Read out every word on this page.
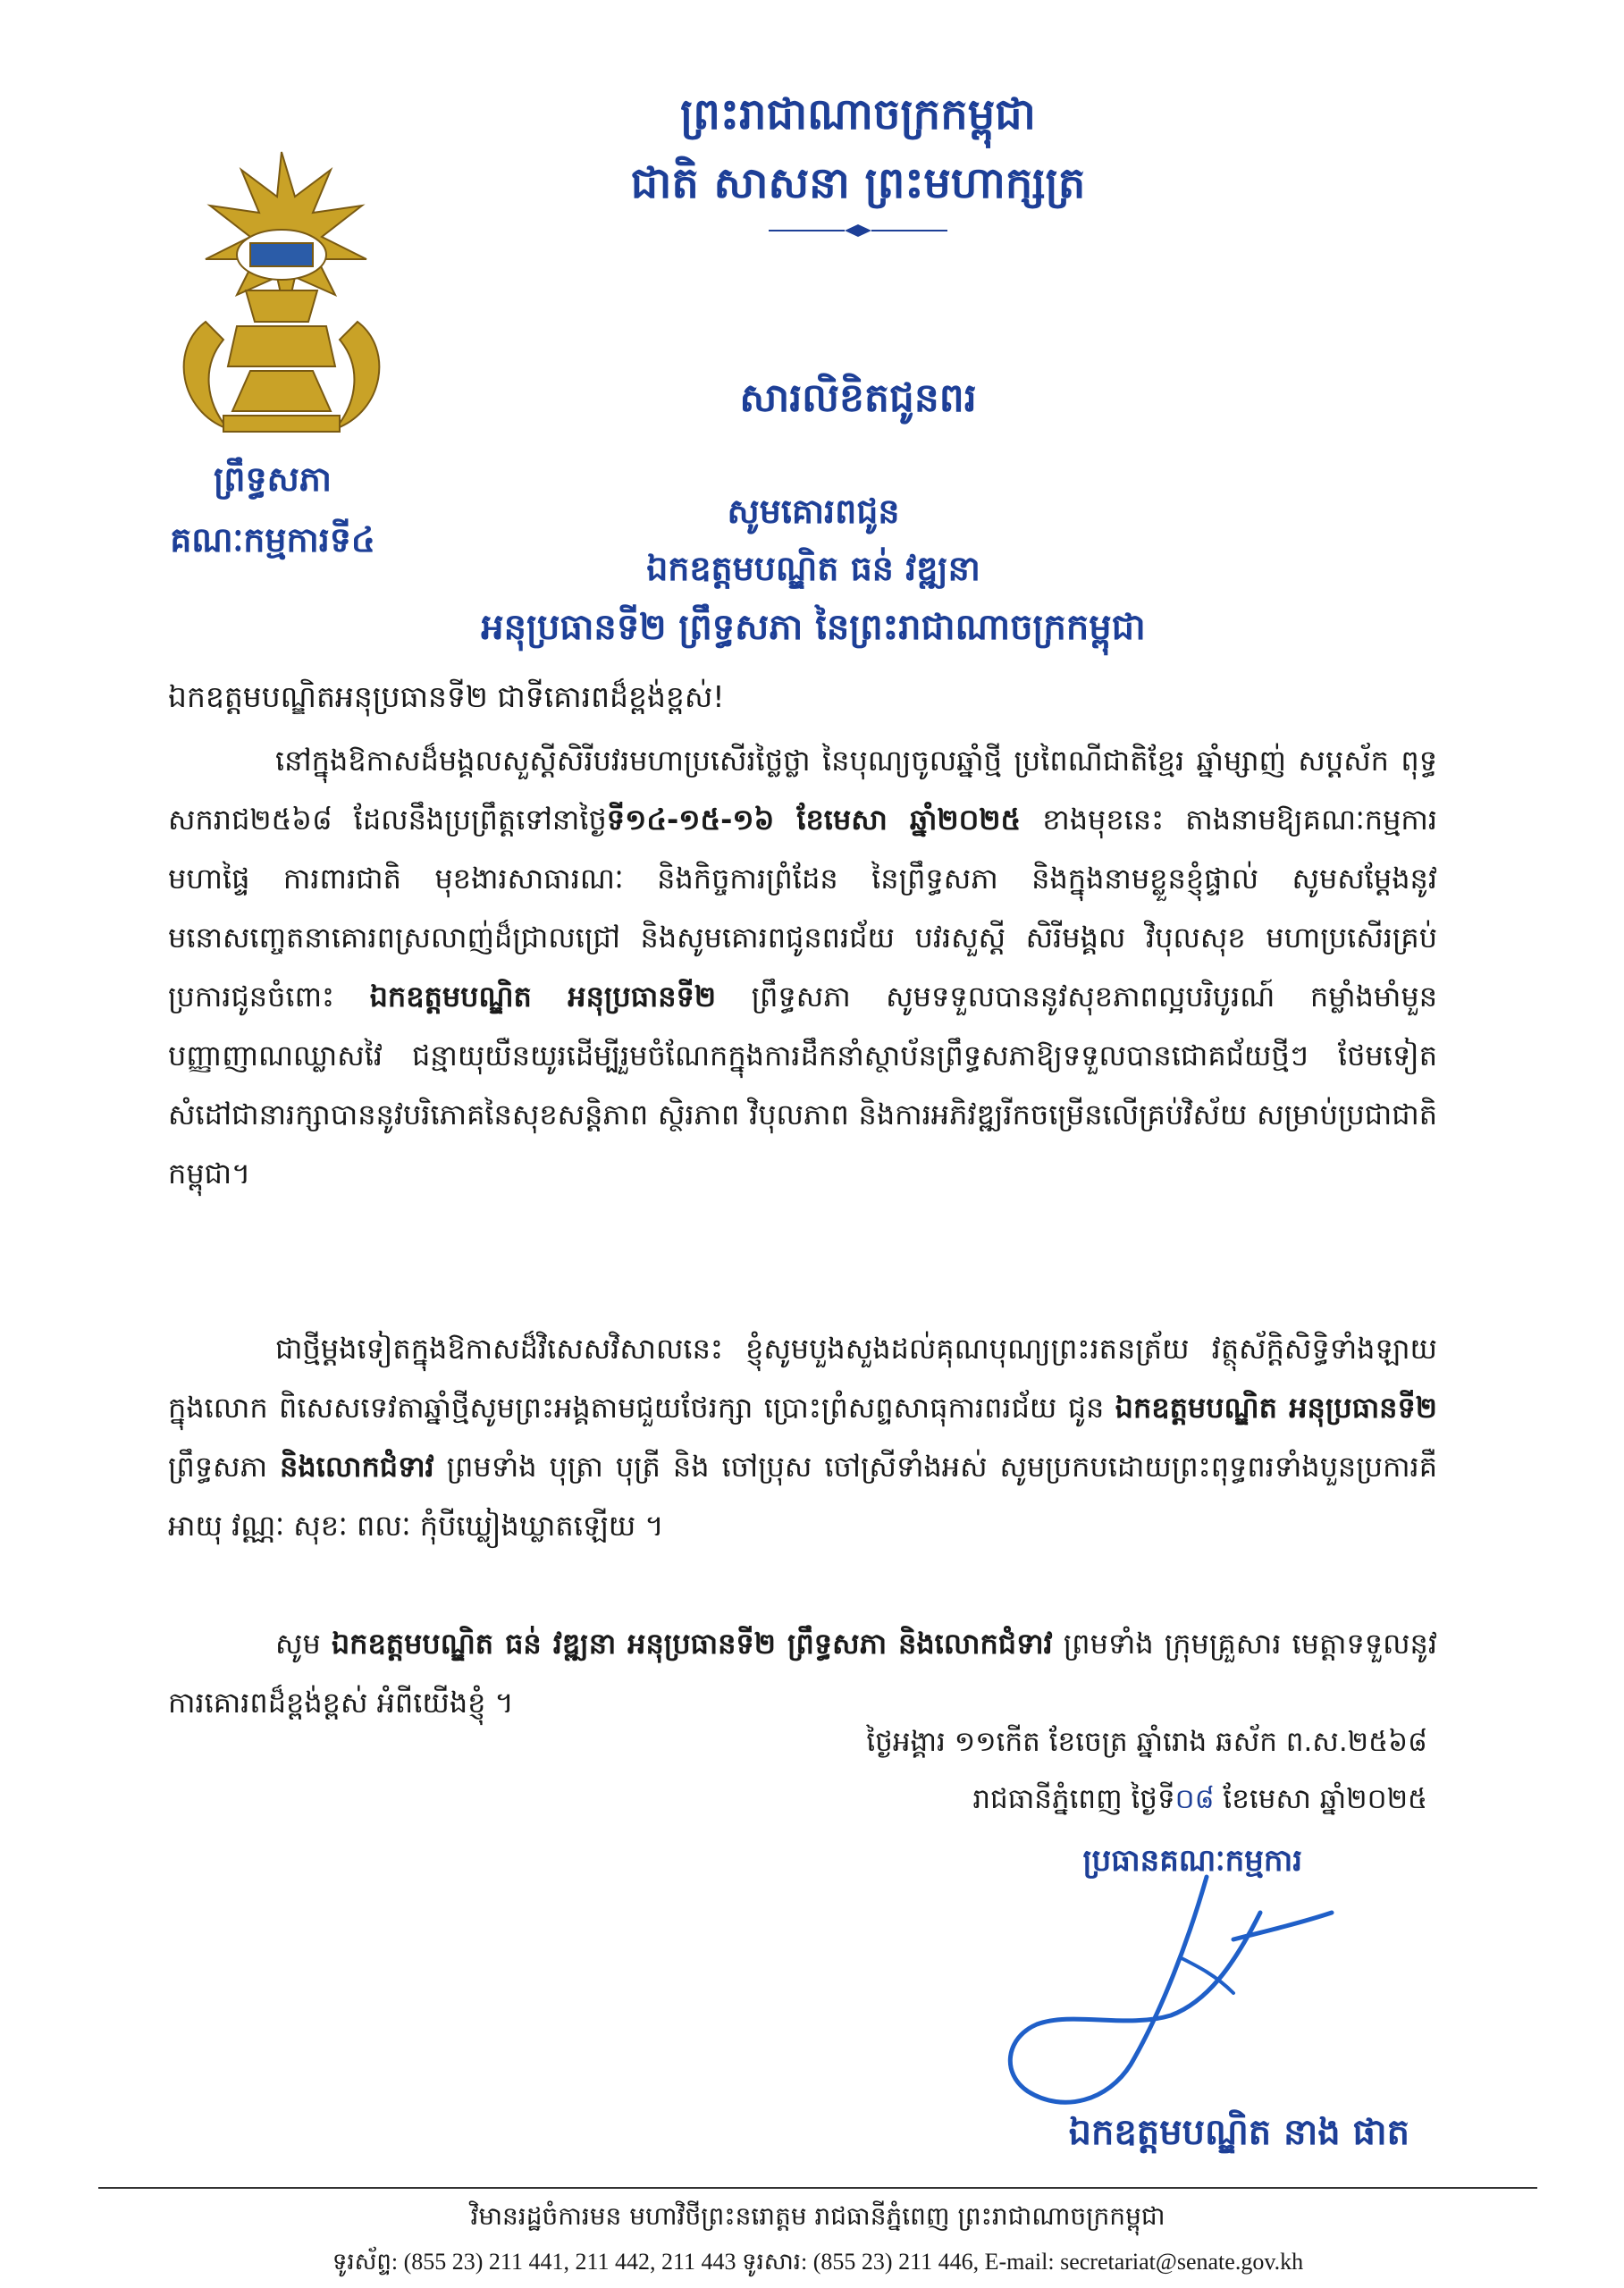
ព្រះរាជាណាចក្រកម្ពុជា
ជាតិ សាសនា ព្រះមហាក្សត្រ
ព្រឹទ្ធសភា
គណៈកម្មការទី៤
សារលិខិតជូនពរ
សូមគោរពជូន
ឯកឧត្តមបណ្ឌិត ធន់ វឌ្ឍនា
អនុប្រធានទី២ ព្រឹទ្ធសភា នៃព្រះរាជាណាចក្រកម្ពុជា
ឯកឧត្តមបណ្ឌិតអនុប្រធានទី២ ជាទីគោរពដ៏ខ្ពង់ខ្ពស់!
នៅក្នុងឱកាសដ៏មង្គលសួស្ដីសិរីបវរមហាប្រសើរថ្លៃថ្លា នៃបុណ្យចូលឆ្នាំថ្មី ប្រពៃណីជាតិខ្មែរ ឆ្នាំម្សាញ់ សប្តស័ក ពុទ្ធសករាជ២៥៦៨ ដែលនឹងប្រព្រឹត្តទៅនាថ្ងៃទី១៤-១៥-១៦ ខែមេសា ឆ្នាំ២០២៥ ខាងមុខនេះ តាងនាមឱ្យគណៈកម្មការមហាផ្ទៃ ការពារជាតិ មុខងារសាធារណៈ និងកិច្ចការព្រំដែន នៃព្រឹទ្ធសភា និងក្នុងនាមខ្លួនខ្ញុំផ្ទាល់ សូមសម្តែងនូវមនោសញ្ចេតនាគោរពស្រលាញ់ដ៏ជ្រាលជ្រៅ និងសូមគោរពជូនពរជ័យ បវរសួស្តី សិរីមង្គល វិបុលសុខ មហាប្រសើរគ្រប់ប្រការជូនចំពោះ ឯកឧត្តមបណ្ឌិត អនុប្រធានទី២ ព្រឹទ្ធសភា សូមទទួលបាននូវសុខភាពល្អបរិបូរណ៍ កម្លាំងមាំមួន បញ្ញាញាណឈ្លាសវៃ ជន្មាយុយឺនយូរដើម្បីរួមចំណែកក្នុងការដឹកនាំស្ថាប័នព្រឹទ្ធសភាឱ្យទទួលបានជោគជ័យថ្មីៗ ថែមទៀត សំដៅជានារក្សាបាននូវបរិភោគនៃសុខសន្តិភាព ស្ថិរភាព វិបុលភាព និងការអភិវឌ្ឍរីកចម្រើនលើគ្រប់វិស័យ សម្រាប់ប្រជាជាតិកម្ពុជា។
ជាថ្មីម្តងទៀតក្នុងឱកាសដ៏វិសេសវិសាលនេះ ខ្ញុំសូមបួងសួងដល់គុណបុណ្យព្រះរតនត្រ័យ វត្ថុស័ក្តិសិទ្ធិទាំងឡាយក្នុងលោក ពិសេសទេវតាឆ្នាំថ្មីសូមព្រះអង្គតាមជួយថែរក្សា ប្រោះព្រំសព្ទសាធុការពរជ័យ ជូន ឯកឧត្តមបណ្ឌិត អនុប្រធានទី២ ព្រឹទ្ធសភា និងលោកជំទាវ ព្រមទាំង បុត្រា បុត្រី និង ចៅប្រុស ចៅស្រីទាំងអស់ សូមប្រកបដោយព្រះពុទ្ធពរទាំងបួនប្រការគឺ អាយុ វណ្ណៈ សុខៈ ពលៈ កុំបីឃ្លៀងឃ្លាតឡើយ ។
សូម ឯកឧត្តមបណ្ឌិត ធន់ វឌ្ឍនា អនុប្រធានទី២ ព្រឹទ្ធសភា និងលោកជំទាវ ព្រមទាំង ក្រុមគ្រួសារ មេត្តាទទួលនូវការគោរពដ៏ខ្ពង់ខ្ពស់ អំពីយើងខ្ញុំ ។
ថ្ងៃអង្គារ ១១កើត ខែចេត្រ ឆ្នាំរោង ឆស័ក ព.ស.២៥៦៨
រាជធានីភ្នំពេញ ថ្ងៃទី០៨ ខែមេសា ឆ្នាំ២០២៥
ប្រធានគណៈកម្មការ
ឯកឧត្តមបណ្ឌិត នាង ផាត
វិមានរដ្ឋចំការមន មហាវិថីព្រះនរោត្តម រាជធានីភ្នំពេញ ព្រះរាជាណាចក្រកម្ពុជា
ទូរស័ព្ទ: (855 23) 211 441, 211 442, 211 443 ទូរសារ: (855 23) 211 446, E-mail: secretariat@senate.gov.kh
